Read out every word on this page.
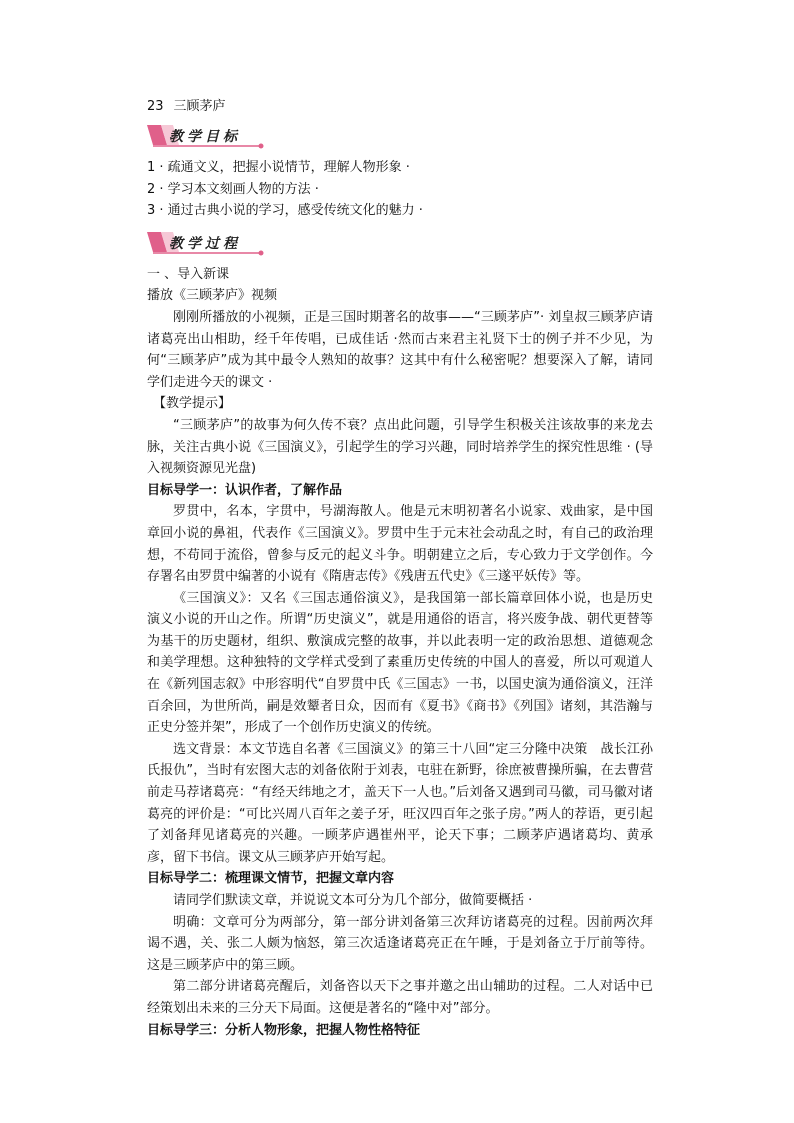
23 三顾茅庐

教学目标

1 · 疏通文义，把握小说情节，理解人物形象 ·

2 · 学习本文刻画人物的方法 ·

3 · 通过古典小说的学习，感受传统文化的魅力 ·

教学过程

一 、导入新课

播放《三顾茅庐》视频

刚刚所播放的小视频，正是三国时期著名的故事——“三顾茅庐”· 刘皇叔三顾茅庐请诸葛亮出山相助，经千年传唱，已成佳话 ·然而古来君主礼贤下士的例子并不少见，为何“三顾茅庐”成为其中最令人熟知的故事？这其中有什么秘密呢？想要深入了解，请同学们走进今天的课文 ·

【教学提示】

“三顾茅庐”的故事为何久传不衰？点出此问题，引导学生积极关注该故事的来龙去脉，关注古典小说《三国演义》，引起学生的学习兴趣，同时培养学生的探究性思维 · (导入视频资源见光盘)

目标导学一：认识作者，了解作品

罗贯中，名本，字贯中，号湖海散人。他是元末明初著名小说家、戏曲家，是中国章回小说的鼻祖，代表作《三国演义》。罗贯中生于元末社会动乱之时，有自己的政治理想，不苟同于流俗，曾参与反元的起义斗争。明朝建立之后，专心致力于文学创作。今存署名由罗贯中编著的小说有《隋唐志传》《残唐五代史》《三遂平妖传》等。

《三国演义》：又名《三国志通俗演义》，是我国第一部长篇章回体小说，也是历史演义小说的开山之作。所谓“历史演义”，就是用通俗的语言，将兴废争战、朝代更替等为基干的历史题材，组织、敷演成完整的故事，并以此表明一定的政治思想、道德观念和美学理想。这种独特的文学样式受到了素重历史传统的中国人的喜爱，所以可观道人在《新列国志叙》中形容明代“自罗贯中氏《三国志》一书，以国史演为通俗演义，汪洋百余回，为世所尚，嗣是效颦者日众，因而有《夏书》《商书》《列国》诸刻，其浩瀚与正史分签并架”，形成了一个创作历史演义的传统。

选文背景：本文节选自名著《三国演义》的第三十八回“定三分隆中决策　战长江孙氏报仇”，当时有宏图大志的刘备依附于刘表，屯驻在新野，徐庶被曹操所骗，在去曹营前走马荐诸葛亮：“有经天纬地之才，盖天下一人也。”后刘备又遇到司马徽，司马徽对诸葛亮的评价是：“可比兴周八百年之姜子牙，旺汉四百年之张子房。”两人的荐语，更引起了刘备拜见诸葛亮的兴趣。一顾茅庐遇崔州平，论天下事；二顾茅庐遇诸葛均、黄承彦，留下书信。课文从三顾茅庐开始写起。

目标导学二：梳理课文情节，把握文章内容

请同学们默读文章，并说说文本可分为几个部分，做简要概括 ·

明确：文章可分为两部分，第一部分讲刘备第三次拜访诸葛亮的过程。因前两次拜谒不遇，关、张二人颇为恼怒，第三次适逢诸葛亮正在午睡，于是刘备立于厅前等待。这是三顾茅庐中的第三顾。

第二部分讲诸葛亮醒后，刘备咨以天下之事并邀之出山辅助的过程。二人对话中已经策划出未来的三分天下局面。这便是著名的“隆中对”部分。

目标导学三：分析人物形象，把握人物性格特征
